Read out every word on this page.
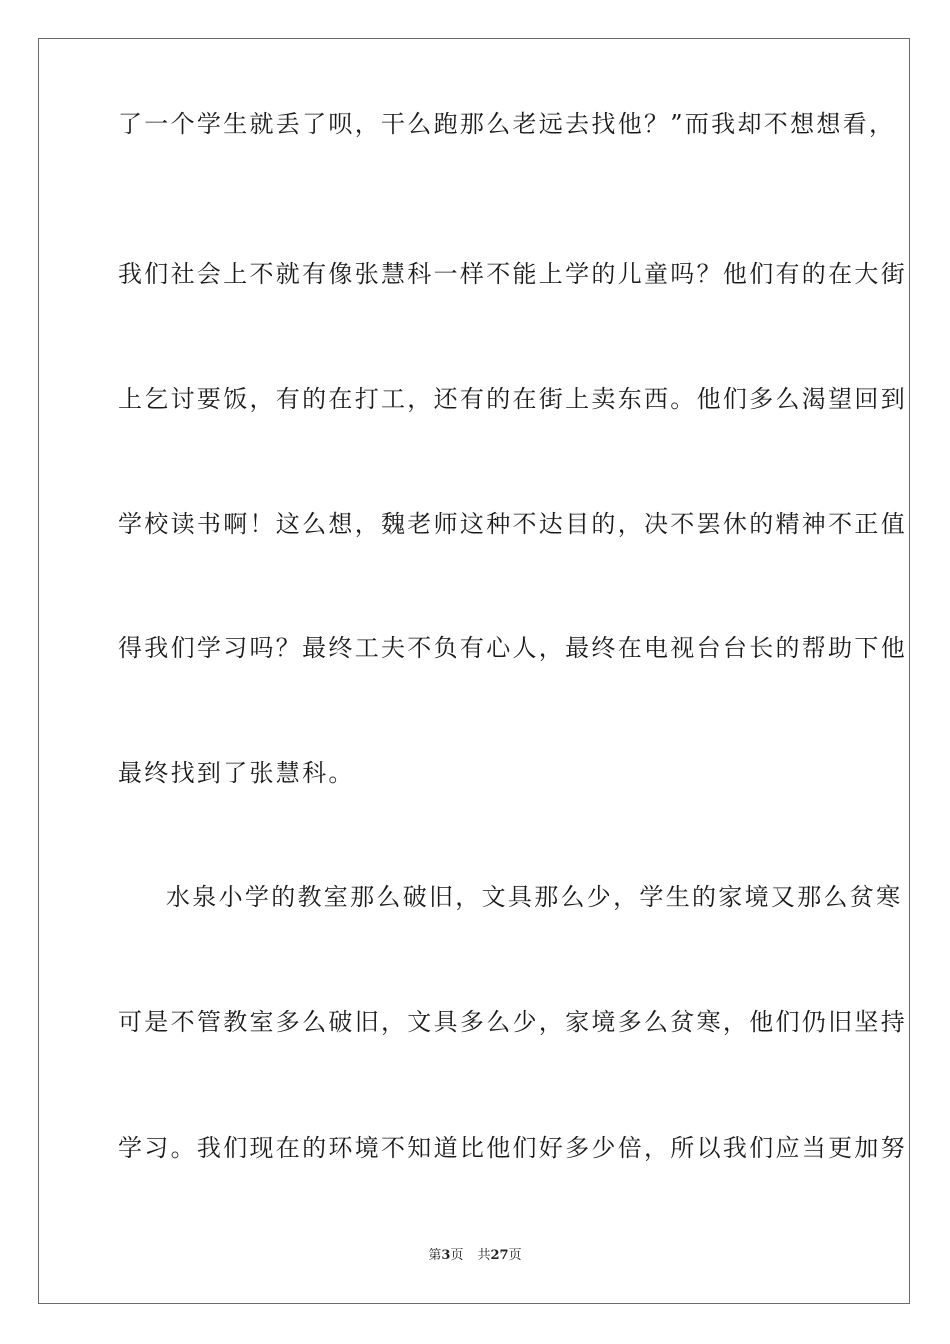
了一个学生就丢了呗，干么跑那么老远去找他？”而我却不想想看，
我们社会上不就有像张慧科一样不能上学的儿童吗？他们有的在大街
上乞讨要饭，有的在打工，还有的在街上卖东西。他们多么渴望回到
学校读书啊！这么想，魏老师这种不达目的，决不罢休的精神不正值
得我们学习吗？最终工夫不负有心人，最终在电视台台长的帮助下他
最终找到了张慧科。
水泉小学的教室那么破旧，文具那么少，学生的家境又那么贫寒
可是不管教室多么破旧，文具多么少，家境多么贫寒，他们仍旧坚持
学习。我们现在的环境不知道比他们好多少倍，所以我们应当更加努
第3页 共27页
